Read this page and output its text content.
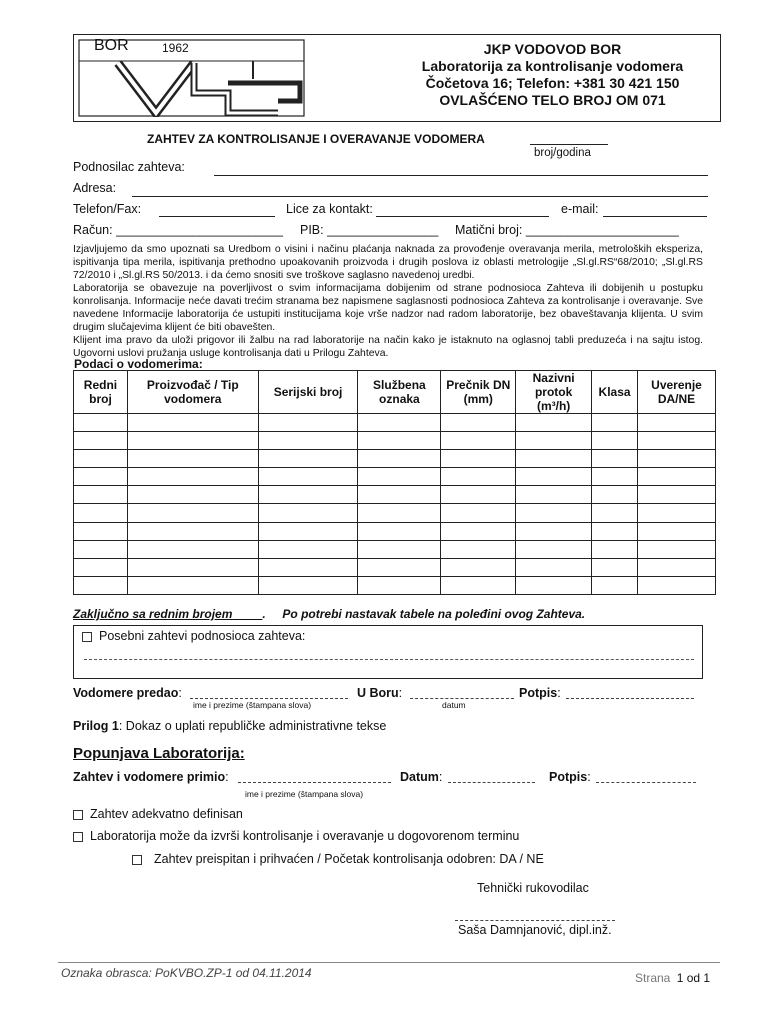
BOR	1962	JKP VODOVOD BOR
Laboratorija za kontrolisanje vodomera
Čočetova 16; Telefon: +381 30 421 150
OVLAŠĆENO TELO BROJ OM 071
ZAHTEV ZA KONTROLISANJE I OVERAVANJE VODOMERA
broj/godina
Podnosilac zahteva:
Adresa:
Telefon/Fax:	Lice za kontakt:	e-mail:
Račun: ________________________ PIB: ________________ Matični broj: ______________________
Izjavljujemo da smo upoznati sa Uredbom o visini i načinu plaćanja naknada za provođenje overavanja merila, metroloških eksperiza, ispitivanja tipa merila, ispitivanja prethodno upoakovanih proizvoda i drugih poslova iz oblasti metrologije „Sl.gl.RS“68/2010; „Sl.gl.RS 72/2010 i „Sl.gl.RS 50/2013. i da ćemo snositi sve troškove saglasno navedenoj uredbi.
Laboratorija se obavezuje na poverljivost o svim informacijama dobijenim od strane podnosioca Zahteva ili dobijenih u postupku konrolisanja. Informacije neće davati trećim stranama bez napismene saglasnosti podnosioca Zahteva za kontrolisanje i overavanje. Sve navedene Informacije laboratorija će ustupiti institucijama koje vrše nadzor nad radom laboratorije, bez obaveštavanja klijenta. U svim drugim slučajevima klijent će biti obavešten.
Klijent ima pravo da uloži prigovor ili žalbu na rad laboratorije na način kako je istaknuto na oglasnoj tabli preduzeća i na sajtu istog. Ugovorni uslovi pružanja usluge kontrolisanja dati u Prilogu Zahteva.
Podaci o vodomerima:
Redni broj	Proizvođač / Tip vodomera	Serijski broj	Službena oznaka	Prečnik DN (mm)	Nazivni protok (m³/h)	Klasa	Uverenje DA/NE

Zaključno sa rednim brojem	.     Po potrebi nastavak tabele na poleđini ovog Zahteva.
Posebni zahtevi podnosioca zahteva:
Vodomere predao:	U Boru:	Potpis:
ime i prezime (štampana slova)	datum
Prilog 1: Dokaz o uplati republičke administrativne tekse
Popunjava Laboratorija:
Zahtev i vodomere primio:	Datum:	Potpis:
ime i prezime (štampana slova)
Zahtev adekvatno definisan
Laboratorija može da izvrši kontrolisanje i overavanje u dogovorenom terminu
Zahtev preispitan i prihvaćen / Početak kontrolisanja odobren: DA / NE
Tehnički rukovodilac
Saša Damnjanović, dipl.inž.
Oznaka obrasca: PoKVBO.ZP-1 od 04.11.2014	Strana 1 od 1
